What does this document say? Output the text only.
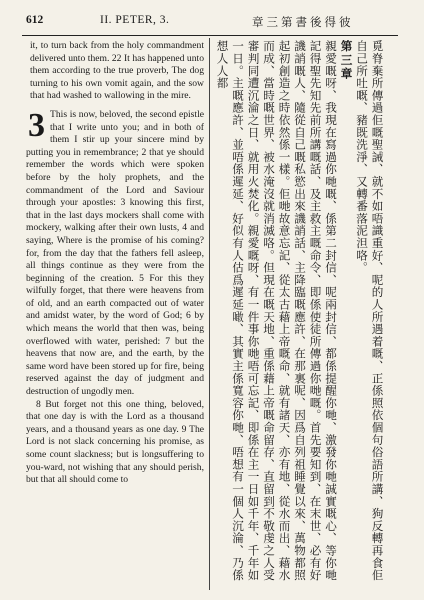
612	II. PETER, 3.	章三第書後得彼

it, to turn back from the holy commandment delivered unto them. 22 It has happened unto them according to the true proverb, The dog turning to his own vomit again, and the sow that had washed to wallowing in the mire.

3 This is now, beloved, the second epistle that I write unto you; and in both of them I stir up your sincere mind by putting you in remembrance; 2 that ye should remember the words which were spoken before by the holy prophets, and the commandment of the Lord and Saviour through your apostles: 3 knowing this first, that in the last days mockers shall come with mockery, walking after their own lusts, 4 and saying, Where is the promise of his coming? for, from the day that the fathers fell asleep, all things continue as they were from the beginning of the creation. 5 For this they wilfully forget, that there were heavens from of old, and an earth compacted out of water and amidst water, by the word of God; 6 by which means the world that then was, being overflowed with water, perished: 7 but the heavens that now are, and the earth, by the same word have been stored up for fire, being reserved against the day of judgment and destruction of ungodly men.

8 But forget not this one thing, beloved, that one day is with the Lord as a thousand years, and a thousand years as one day. 9 The Lord is not slack concerning his promise, as some count slackness; but is longsuffering to you-ward, not wishing that any should perish, but that all should come to	覓脊棄所傳過佢嘅聖誡、就不如唔識重好、呢的人所遇着嘅、正係照依個句俗語所講、狗反轉再食佢自己所吐嘅、豬既洗淨、又轉番落泥泹咯。

第三章

親愛嘅呀、我現在寫過你哋嘅、係第二封信、呢兩封信、都係提醒你哋、激發你哋誠實嘅心、等你哋記得聖先知先前所講嘅話、及主救主嘅命令、即係使徒所傳過你哋嘅。首先要知到、在末世、必有好譏誚嘅人、隨從自己嘅私慾出來譏誚話、主降臨嘅應許、在那裏呢、因爲自列祖睡覺以來、萬物都照起初創造之時依然係一樣。佢哋故意忘記、從太古藉上帝嘅命、就有諸天、亦有地、從水而出、藉水而成、當時嘅世界、被水淹沒就消滅咯。但現在嘅天地、重係藉上帝嘅命留存、直留到不敬虔之人受審判同遭沉淪之日、就用火焚化。親愛嘅呀、有一件事你哋唔可忘記、即係在主一日如千年、千年如一日。主嘅應許、並唔係遲延、好似有人估爲遲延噉、其實主係寬容你哋、唔想有一個人沉淪、乃係想人人都
